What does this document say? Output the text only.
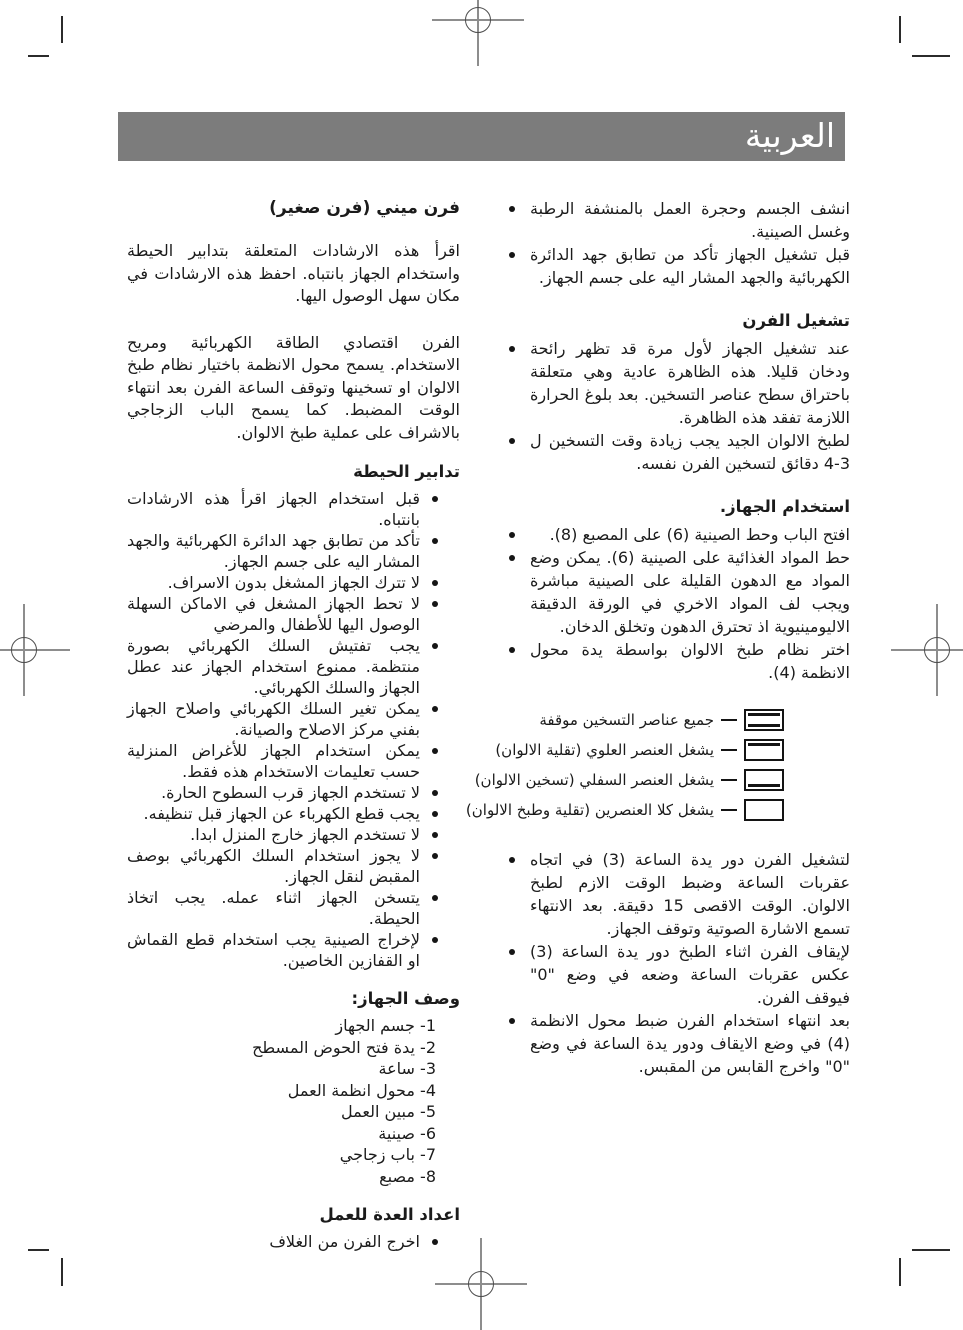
العربية
فرن ميني (فرن صغير)

اقرأ هذه الارشادات المتعلقة بتدابير الحيطة واستخدام الجهاز بانتباه. احفظ هذه الارشادات في مكان سهل الوصول اليها.

الفرن اقتصادي الطاقة الكهربائية ومريح الاستخدام. يسمح محول الانظمة باختيار نظام طبخ الالوان او تسخينها وتوقف الساعة الفرن بعد انتهاء الوقت المضبط. كما يسمح الباب الزجاجي بالاشراف على عملية طبخ الالوان.

تدابير الحيطة
قبل استخدام الجهاز اقرأ هذه الارشادات بانتباه.
تأكد من تطابق جهد الدائرة الكهربائية والجهد المشار اليه على جسم الجهاز.
لا تترك الجهاز المشغل بدون الاسراف.
لا تحط الجهاز المشغل في الاماكن السهلة الوصول اليها للأطفال والمرضي
يجب تفتيش السلك الكهربائي بصورة منتظمة. ممنوع استخدام الجهاز عند عطل الجهاز والسلك الكهربائي.
يمكن تغير السلك الكهربائي واصلاح الجهاز بفني مركز الاصلاح والصيانة.
يمكن استخدام الجهاز للأغراض المنزلية حسب تعليمات الاستخدام هذه فقط.
لا تستخدم الجهاز قرب السطوح الحارة.
يجب قطع الكهرباء عن الجهاز قبل تنظيفه.
لا تستخدم الجهاز خارج المنزل ابدا.
لا يجوز استخدام السلك الكهربائي بوصف المقبض لنقل الجهاز.
يتسخن الجهاز اثناء عمله. يجب اتخاذ الحيطة.
لإخراج الصينية يجب استخدام قطع القماش او القفازين الخاصين.
وصف الجهاز:
1- جسم الجهاز
2- يدة فتح الحوض المسطح
3- ساعة
4- محول انظمة العمل
5- مبين العمل
6- صينية
7- باب زجاجي
8- مصبع
اعداد العدة للعمل
اخرج الفرن من الغلاف
انشف الجسم وحجرة العمل بالمنشفة الرطبة وغسل الصينية.
قبل تشغيل الجهاز تأكد من تطابق جهد الدائرة الكهربائية والجهد المشار اليه على جسم الجهاز.
تشغيل الفرن
عند تشغيل الجهاز لأول مرة قد تظهر رائحة ودخان قليلا. هذه الظاهرة عادية وهي متعلقة باحتراق سطح عناصر التسخين. بعد بلوغ الحرارة اللازمة تفقد هذه الظاهرة.
لطبخ الالوان الجيد يجب زيادة وقت التسخين ل 3-4 دقائق لتسخين الفرن نفسه.
استخدام الجهاز.
افتح الباب وحط الصينية (6) على المصبع (8).
حط المواد الغذائية على الصينية (6). يمكن وضع المواد مع الدهون القليلة على الصينية مباشرة ويجب لف المواد الاخري في الورقة الدقيقة الاليومينيوية اذ تحترق الدهون وتخلق الدخان.
اختر نظام طبخ الالوان بواسطة يدة محول الانظمة (4).
جميع عناصر التسخين موقفة
يشغل العنصر العلوي (تقلية الالوان)
يشغل العنصر السفلي (تسخين الالوان)
يشغل كلا العنصرين (تقلية وطبخ الالوان)
لتشغيل الفرن دور يدة الساعة (3) في اتجاه عقربات الساعة وضبط الوقت الازم لطبخ الالوان. الوقت الاقصى 15 دقيقة. بعد الانتهاء تسمع الاشارة الصوتية وتوقف الجهاز.
لإيقاف الفرن اثناء الطبخ دور يدة الساعة (3) عكس عقربات الساعة وضعه في وضع "0" فيوقف الفرن.
بعد انتهاء استخدام الفرن ضبط محول الانظمة (4) في وضع الايقاف ودور يدة الساعة في وضع "0" واخرج القابس من المقبس.
